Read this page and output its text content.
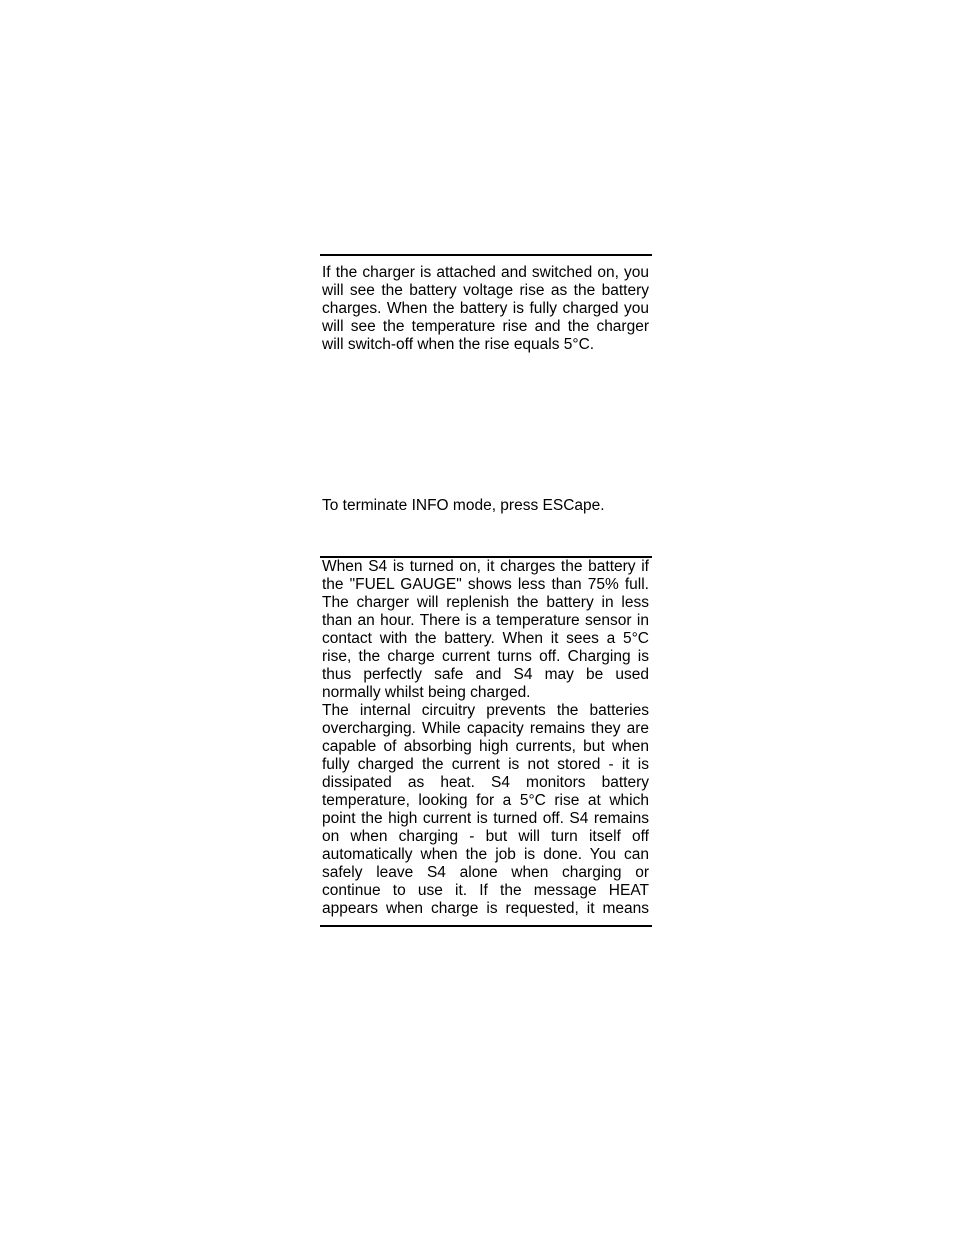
If the charger is attached and switched on, you
will see the battery voltage rise as the battery
charges. When the battery is fully charged you
will see the temperature rise and the charger
will switch-off when the rise equals 5°C.
To terminate INFO mode, press ESCape.
When S4 is turned on, it charges the battery if
the "FUEL GAUGE" shows less than 75% full.
The charger will replenish the battery in less
than an hour. There is a temperature sensor in
contact with the battery. When it sees a 5°C
rise, the charge current turns off. Charging is
thus perfectly safe and S4 may be used
normally whilst being charged.
The internal circuitry prevents the batteries
overcharging. While capacity remains they are
capable of absorbing high currents, but when
fully charged the current is not stored - it is
dissipated as heat. S4 monitors battery
temperature, looking for a 5°C rise at which
point the high current is turned off. S4 remains
on when charging - but will turn itself off
automatically when the job is done. You can
safely leave S4 alone when charging or
continue to use it. If the message HEAT
appears when charge is requested, it means
